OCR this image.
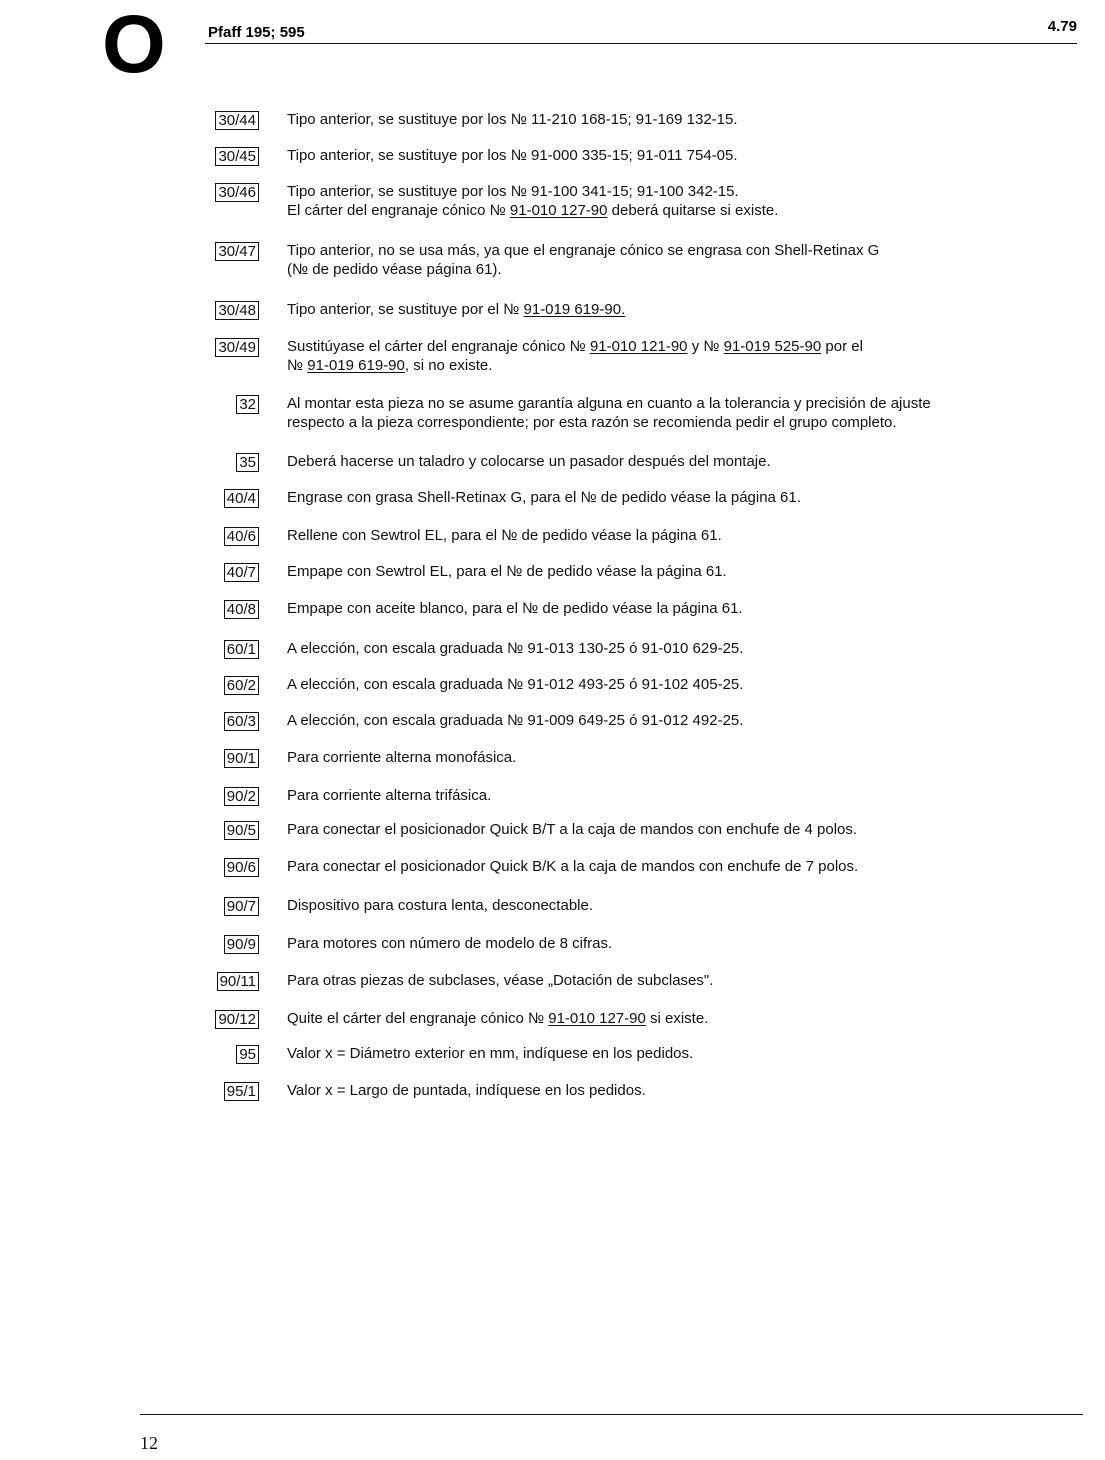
O	Pfaff 195; 595	4.79
30/44 Tipo anterior, se sustituye por los № 11-210 168-15; 91-169 132-15.
30/45 Tipo anterior, se sustituye por los № 91-000 335-15; 91-011 754-05.
30/46 Tipo anterior, se sustituye por los № 91-100 341-15; 91-100 342-15.
El cárter del engranaje cónico № 91-010 127-90 deberá quitarse si existe.
30/47 Tipo anterior, no se usa más, ya que el engranaje cónico se engrasa con Shell-Retinax G
(№ de pedido véase página 61).
30/48 Tipo anterior, se sustituye por el № 91-019 619-90.
30/49 Sustitúyase el cárter del engranaje cónico № 91-010 121-90 y № 91-019 525-90 por el
№ 91-019 619-90, si no existe.
32 Al montar esta pieza no se asume garantía alguna en cuanto a la tolerancia y precisión de ajuste
respecto a la pieza correspondiente; por esta razón se recomienda pedir el grupo completo.
35 Deberá hacerse un taladro y colocarse un pasador después del montaje.
40/4 Engrase con grasa Shell-Retinax G, para el № de pedido véase la página 61.
40/6 Rellene con Sewtrol EL, para el № de pedido véase la página 61.
40/7 Empape con Sewtrol EL, para el № de pedido véase la página 61.
40/8 Empape con aceite blanco, para el № de pedido véase la página 61.
60/1 A elección, con escala graduada № 91-013 130-25 ó 91-010 629-25.
60/2 A elección, con escala graduada № 91-012 493-25 ó 91-102 405-25.
60/3 A elección, con escala graduada № 91-009 649-25 ó 91-012 492-25.
90/1 Para corriente alterna monofásica.
90/2 Para corriente alterna trifásica.
90/5 Para conectar el posicionador Quick B/T a la caja de mandos con enchufe de 4 polos.
90/6 Para conectar el posicionador Quick B/K a la caja de mandos con enchufe de 7 polos.
90/7 Dispositivo para costura lenta, desconectable.
90/9 Para motores con número de modelo de 8 cifras.
90/11 Para otras piezas de subclases, véase „Dotación de subclases".
90/12 Quite el cárter del engranaje cónico № 91-010 127-90 si existe.
95 Valor x = Diámetro exterior en mm, indíquese en los pedidos.
95/1 Valor x = Largo de puntada, indíquese en los pedidos.
12
